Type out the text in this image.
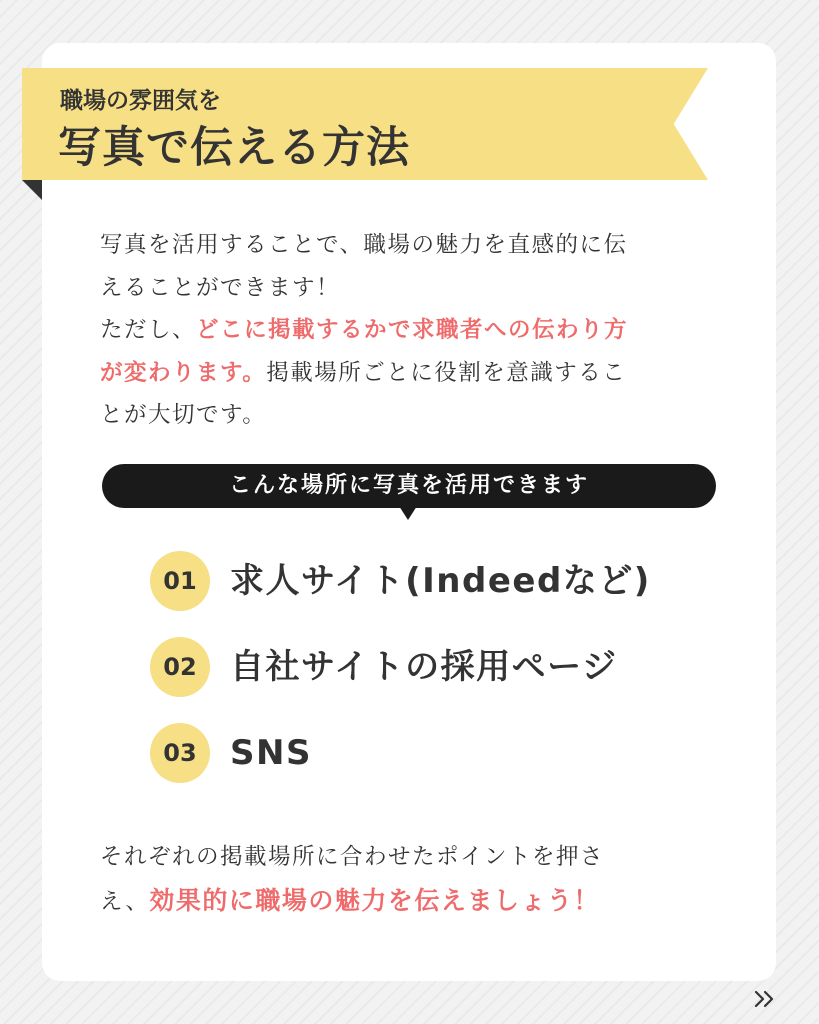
職場の雰囲気を
写真で伝える方法
写真を活用することで、職場の魅力を直感的に伝
えることができます！
ただし、どこに掲載するかで求職者への伝わり方
が変わります。掲載場所ごとに役割を意識するこ
とが大切です。
こんな場所に写真を活用できます
01 求人サイト(Indeedなど)
02 自社サイトの採用ページ
03 SNS
それぞれの掲載場所に合わせたポイントを押さ
え、効果的に職場の魅力を伝えましょう！
